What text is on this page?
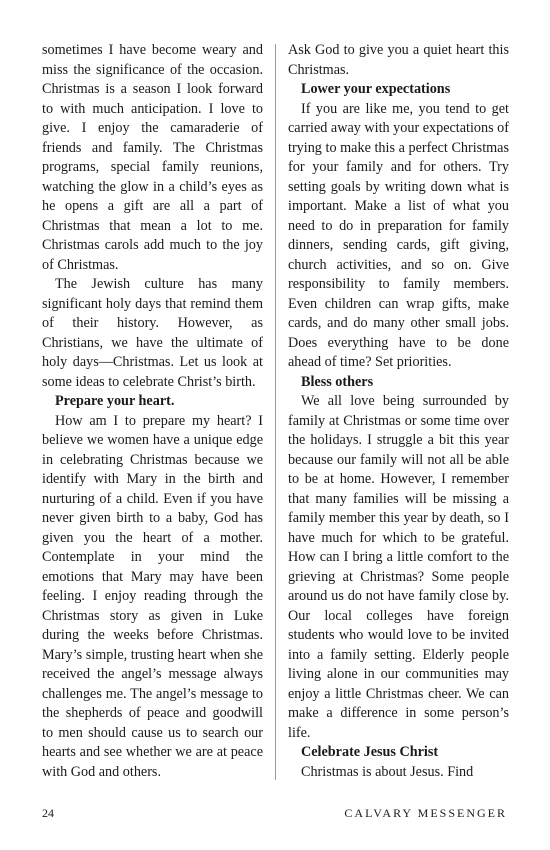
sometimes I have become weary and miss the significance of the occasion. Christmas is a season I look forward to with much anticipation. I love to give. I enjoy the camaraderie of friends and family. The Christmas programs, special family reunions, watching the glow in a child’s eyes as he opens a gift are all a part of Christmas that mean a lot to me. Christmas carols add much to the joy of Christmas.

The Jewish culture has many significant holy days that remind them of their history. However, as Christians, we have the ultimate of holy days—Christmas. Let us look at some ideas to celebrate Christ’s birth.

Prepare your heart.

How am I to prepare my heart? I believe we women have a unique edge in celebrating Christmas because we identify with Mary in the birth and nurturing of a child. Even if you have never given birth to a baby, God has given you the heart of a mother. Contemplate in your mind the emotions that Mary may have been feeling. I enjoy reading through the Christmas story as given in Luke during the weeks before Christmas. Mary’s simple, trusting heart when she received the angel’s message always challenges me. The angel’s message to the shepherds of peace and goodwill to men should cause us to search our hearts and see whether we are at peace with God and others.

Ask God to give you a quiet heart this Christmas.

Lower your expectations

If you are like me, you tend to get carried away with your expectations of trying to make this a perfect Christmas for your family and for others. Try setting goals by writing down what is important. Make a list of what you need to do in preparation for family dinners, sending cards, gift giving, church activities, and so on. Give responsibility to family members. Even children can wrap gifts, make cards, and do many other small jobs. Does everything have to be done ahead of time? Set priorities.

Bless others

We all love being surrounded by family at Christmas or some time over the holidays. I struggle a bit this year because our family will not all be able to be at home. However, I remember that many families will be missing a family member this year by death, so I have much for which to be grateful. How can I bring a little comfort to the grieving at Christmas? Some people around us do not have family close by. Our local colleges have foreign students who would love to be invited into a family setting. Elderly people living alone in our communities may enjoy a little Christmas cheer. We can make a difference in some person’s life.

Celebrate Jesus Christ

Christmas is about Jesus. Find

24	CALVARY MESSENGER
